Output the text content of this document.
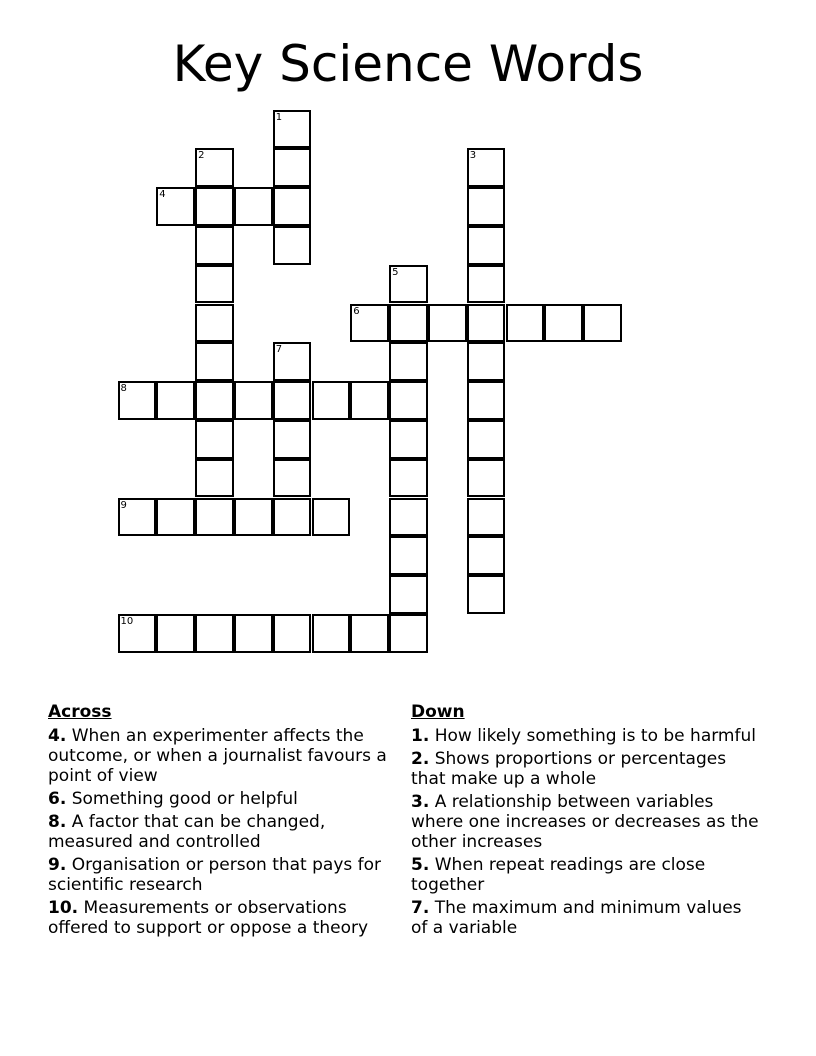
Key Science Words
1
2	3
4
5
6
7
8
9
10
Across
4. When an experimenter affects the outcome, or when a journalist favours a point of view
6. Something good or helpful
8. A factor that can be changed, measured and controlled
9. Organisation or person that pays for scientific research
10. Measurements or observations offered to support or oppose a theory
Down
1. How likely something is to be harmful
2. Shows proportions or percentages that make up a whole
3. A relationship between variables where one increases or decreases as the other increases
5. When repeat readings are close together
7. The maximum and minimum values of a variable
